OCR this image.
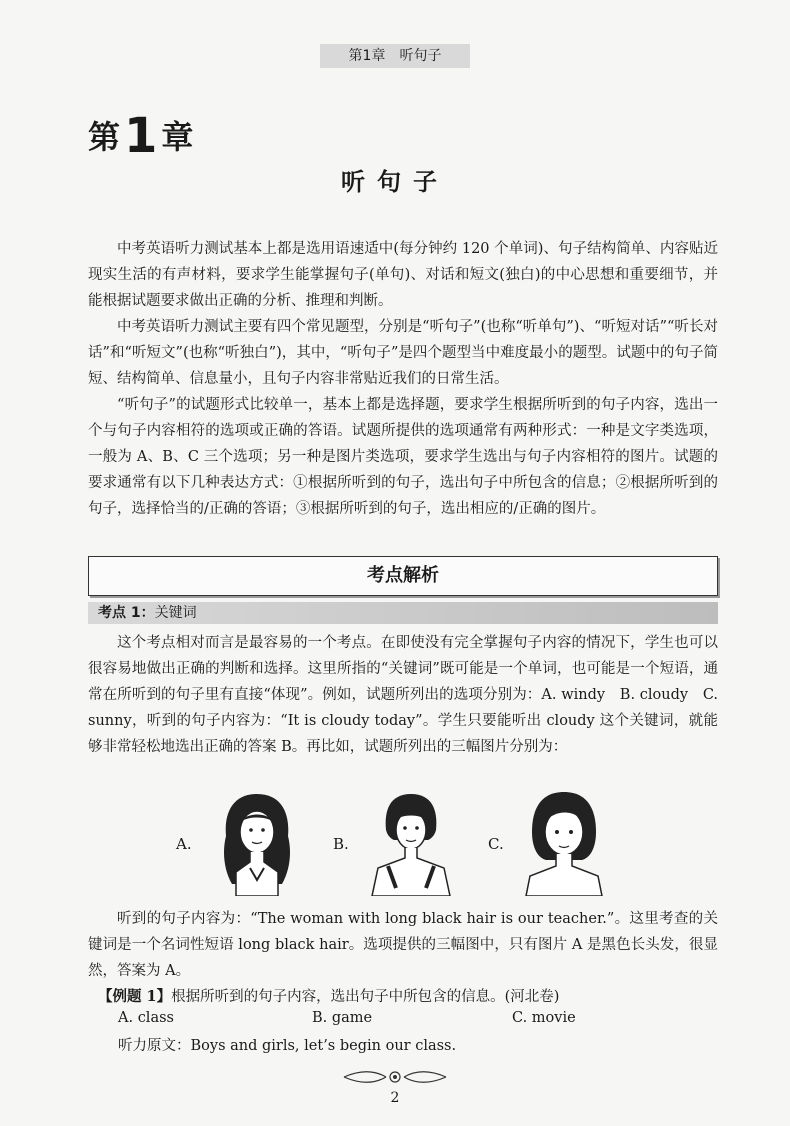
第1章　听句子
第1 章
听句子
中考英语听力测试基本上都是选用语速适中(每分钟约 120 个单词)、句子结构简单、内容贴近现实生活的有声材料，要求学生能掌握句子(单句)、对话和短文(独白)的中心思想和重要细节，并能根据试题要求做出正确的分析、推理和判断。
中考英语听力测试主要有四个常见题型，分别是“听句子”(也称“听单句”)、“听短对话”“听长对话”和“听短文”(也称“听独白”)，其中，“听句子”是四个题型当中难度最小的题型。试题中的句子简短、结构简单、信息量小，且句子内容非常贴近我们的日常生活。
“听句子”的试题形式比较单一，基本上都是选择题，要求学生根据所听到的句子内容，选出一个与句子内容相符的选项或正确的答语。试题所提供的选项通常有两种形式：一种是文字类选项，一般为 A、B、C 三个选项；另一种是图片类选项，要求学生选出与句子内容相符的图片。试题的要求通常有以下几种表达方式：①根据所听到的句子，选出句子中所包含的信息；②根据所听到的句子，选择恰当的/正确的答语；③根据所听到的句子，选出相应的/正确的图片。
考点解析
考点 1：关键词
这个考点相对而言是最容易的一个考点。在即使没有完全掌握句子内容的情况下，学生也可以很容易地做出正确的判断和选择。这里所指的“关键词”既可能是一个单词，也可能是一个短语，通常在所听到的句子里有直接“体现”。例如，试题所列出的选项分别为：A. windy　B. cloudy　C. sunny，听到的句子内容为：“It is cloudy today”。学生只要能听出 cloudy 这个关键词，就能够非常轻松地选出正确的答案 B。再比如，试题所列出的三幅图片分别为：
A.	B.	C.
听到的句子内容为：“The woman with long black hair is our teacher.”。这里考查的关键词是一个名词性短语 long black hair。选项提供的三幅图中，只有图片 A 是黑色长头发，很显然，答案为 A。
【例题 1】根据所听到的句子内容，选出句子中所包含的信息。(河北卷)
A. class	B. game	C. movie
听力原文：Boys and girls, let’s begin our class.
2
